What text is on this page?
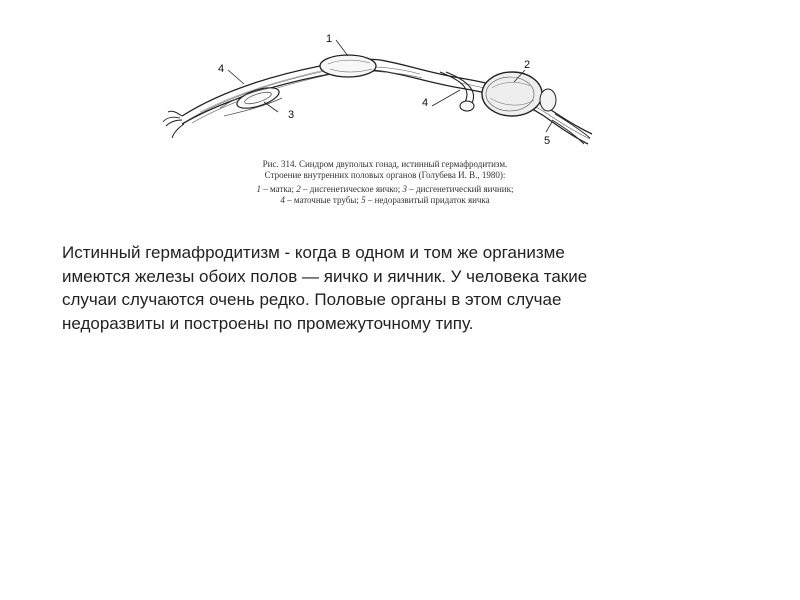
1
4
4
2
3
5
Рис. 314. Синдром двуполых гонад, истинный гермафродитизм.
Строение внутренних половых органов (Голубева И. В., 1980):
1 – матка; 2 – дисгенетическое яичко; 3 – дисгенетический яичник;
4 – маточные трубы; 5 – недоразвитый придаток яичка
Истинный гермафродитизм - когда в одном и том же организме
имеются железы обоих полов — яичко и яичник. У человека такие
случаи случаются очень редко. Половые органы в этом случае
недоразвиты и построены по промежуточному типу.
